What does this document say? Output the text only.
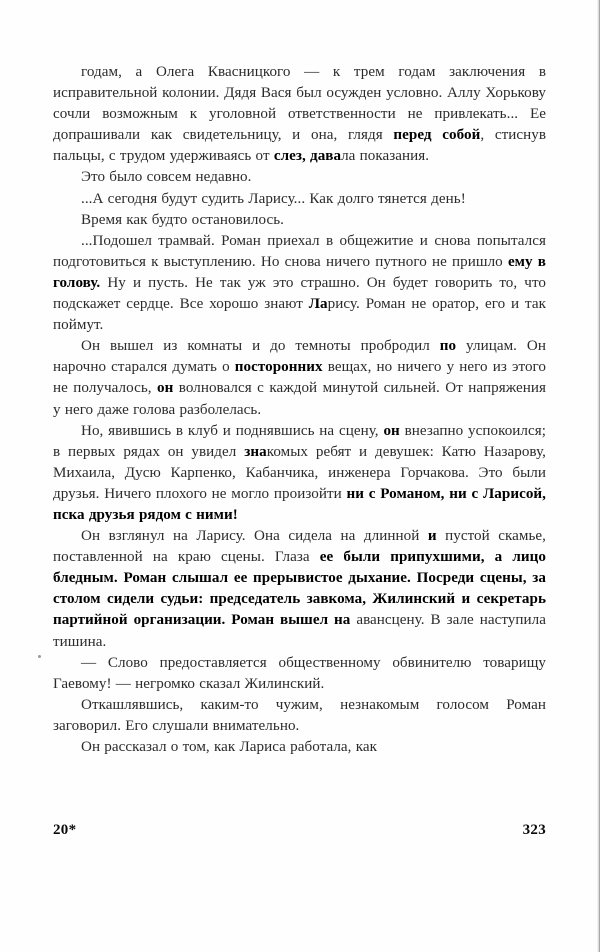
годам, а Олега Квасницкого — к трем годам заключения в исправительной колонии. Дядя Вася был осужден условно. Аллу Хорькову сочли возможным к уголовной ответственности не привлекать... Ее допрашивали как свидетельницу, и она, глядя перед собой, стиснув пальцы, с трудом удерживаясь от слез, давала показания.

Это было совсем недавно.

...А сегодня будут судить Ларису... Как долго тянется день!

Время как будто остановилось.

...Подошел трамвай. Роман приехал в общежитие и снова попытался подготовиться к выступлению. Но снова ничего путного не пришло ему в голову. Ну и пусть. Не так уж это страшно. Он будет говорить то, что подскажет сердце. Все хорошо знают Ларису. Роман не оратор, его и так поймут.

Он вышел из комнаты и до темноты пробродил по улицам. Он нарочно старался думать о посторонних вещах, но ничего у него из этого не получалось, он волновался с каждой минутой сильней. От напряжения у него даже голова разболелась.

Но, явившись в клуб и поднявшись на сцену, он внезапно успокоился; в первых рядах он увидел знакомых ребят и девушек: Катю Назарову, Михаила, Дусю Карпенко, Кабанчика, инженера Горчакова. Это были друзья. Ничего плохого не могло произойти ни с Романом, ни с Ларисой, пска друзья рядом с ними!

Он взглянул на Ларису. Она сидела на длинной и пустой скамье, поставленной на краю сцены. Глаза ее были припухшими, а лицо бледным. Роман слышал ее прерывистое дыхание. Посреди сцены, за столом сидели судьи: председатель завкома, Жилинский и секретарь партийной организации. Роман вышел на авансцену. В зале наступила тишина.

— Слово предоставляется общественному обвинителю товарищу Гаевому! — негромко сказал Жилинский.

Откашлявшись, каким-то чужим, незнакомым голосом Роман заговорил. Его слушали внимательно.

Он рассказал о том, как Лариса работала, как

20*	323
